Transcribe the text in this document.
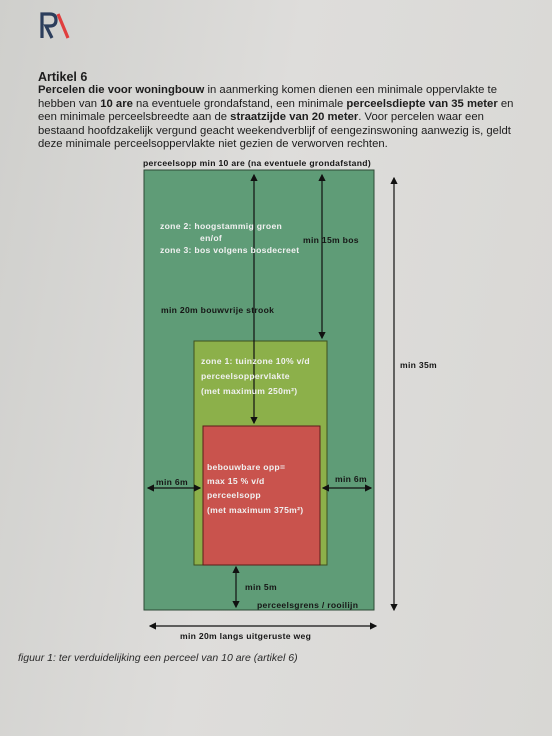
Artikel 6
Percelen die voor woningbouw in aanmerking komen dienen een minimale oppervlakte te hebben van 10 are na eventuele grondafstand, een minimale perceelsdiepte van 35 meter en een minimale perceelsbreedte aan de straatzijde van 20 meter. Voor percelen waar een bestaand hoofdzakelijk vergund geacht weekendverblijf of eengezinswoning aanwezig is, geldt deze minimale perceelsoppervlakte niet gezien de verworven rechten.
perceelsopp min 10 are (na eventuele grondafstand)
zone 2: hoogstammig groen
en/of
zone 3: bos volgens bosdecreet
min 15m bos
min 20m bouwvrije strook
min 35m
zone 1: tuinzone 10% v/d
perceelsoppervlakte
(met maximum 250m²)
bebouwbare opp=
max 15 % v/d
perceelsopp
(met maximum 375m²)
min 6m	min 6m
min 5m
perceelsgrens / rooilijn
min 20m langs uitgeruste weg
figuur 1: ter verduidelijking een perceel van 10 are (artikel 6)
